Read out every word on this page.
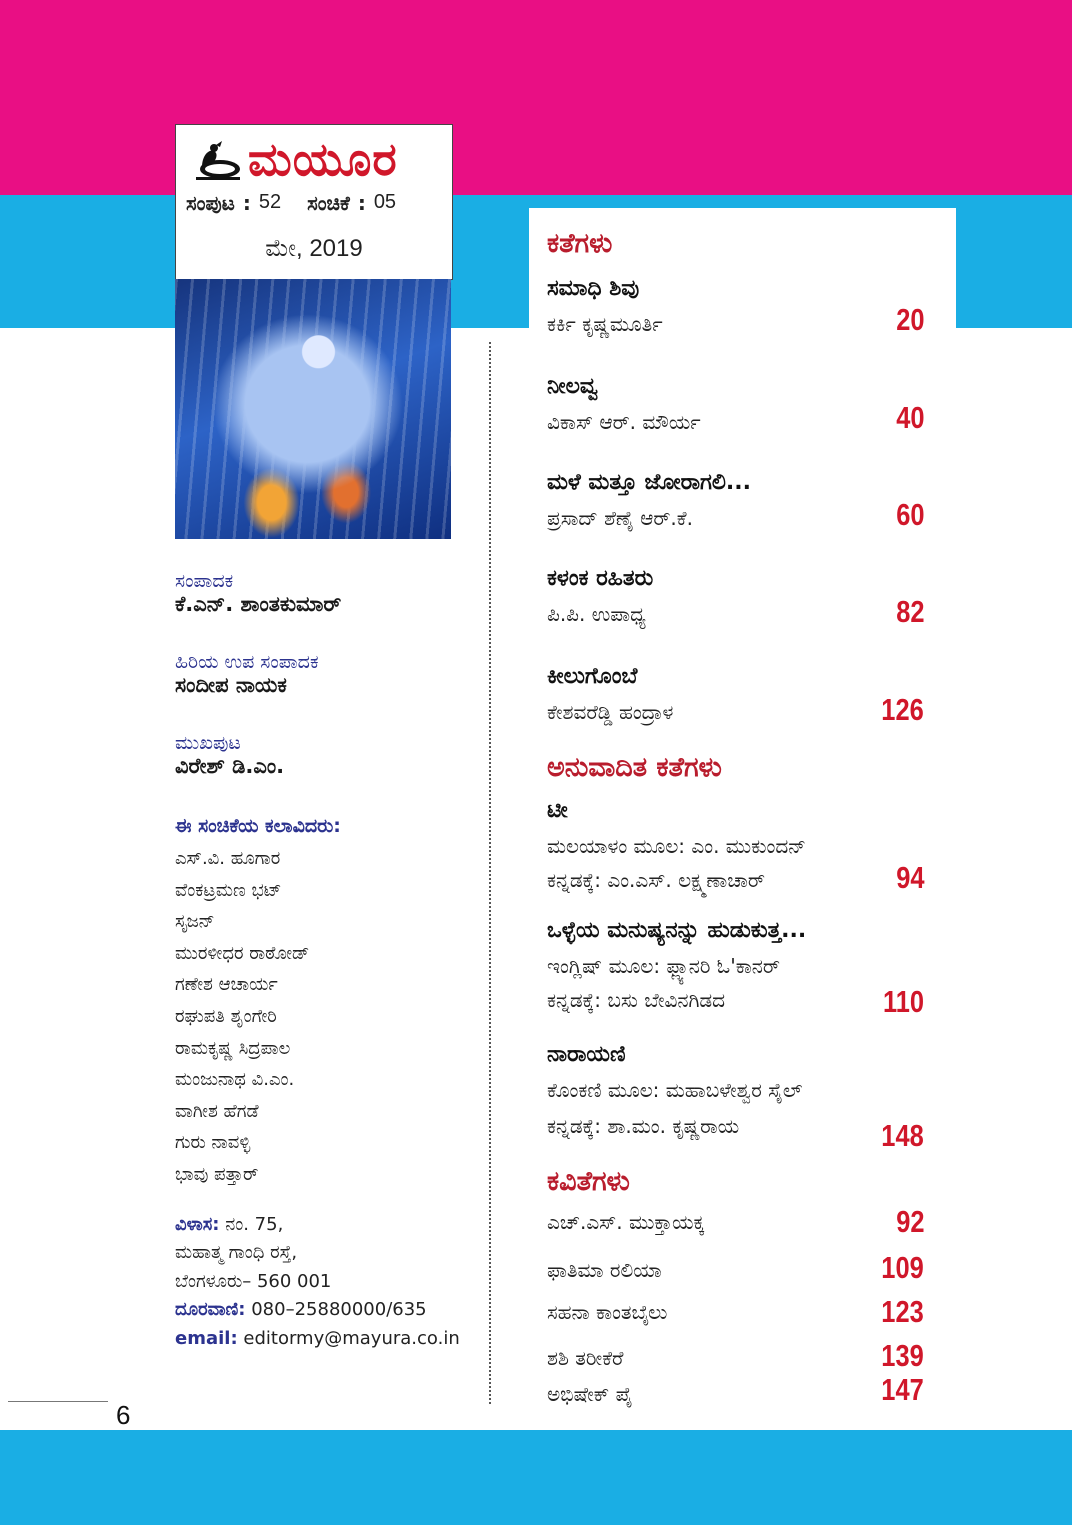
ಮಯೂರ
ಸಂಪುಟ : 52 ಸಂಚಿಕೆ : 05
ಮೇ, 2019
ಸಂಪಾದಕ
ಕೆ.ಎನ್. ಶಾಂತಕುಮಾರ್
ಹಿರಿಯ ಉಪ ಸಂಪಾದಕ
ಸಂದೀಪ ನಾಯಕ
ಮುಖಪುಟ
ವಿರೇಶ್ ಡಿ.ಎಂ.
ಈ ಸಂಚಿಕೆಯ ಕಲಾವಿದರು:
ಎಸ್.ವಿ. ಹೂಗಾರ
ವೆಂಕಟ್ರಮಣ ಭಟ್
ಸೃಜನ್
ಮುರಳೀಧರ ರಾಠೋಡ್
ಗಣೇಶ ಆಚಾರ್ಯ
ರಘುಪತಿ ಶೃಂಗೇರಿ
ರಾಮಕೃಷ್ಣ ಸಿದ್ರಪಾಲ
ಮಂಜುನಾಥ ವಿ.ಎಂ.
ವಾಗೀಶ ಹೆಗಡೆ
ಗುರು ನಾವಳ್ಳಿ
ಭಾವು ಪತ್ತಾರ್
ವಿಳಾಸ: ನಂ. 75,
ಮಹಾತ್ಮ ಗಾಂಧಿ ರಸ್ತೆ,
ಬೆಂಗಳೂರು– 560 001
ದೂರವಾಣಿ: 080–25880000/635
email: editormy@mayura.co.in
ಕತೆಗಳು
ಸಮಾಧಿ ಶಿವು
ಕರ್ಕಿ ಕೃಷ್ಣಮೂರ್ತಿ	20
ನೀಲವ್ವ
ವಿಕಾಸ್ ಆರ್. ಮೌರ್ಯ	40
ಮಳೆ ಮತ್ತೂ ಜೋರಾಗಲಿ...
ಪ್ರಸಾದ್ ಶೆಣೈ ಆರ್.ಕೆ.	60
ಕಳಂಕ ರಹಿತರು
ಪಿ.ಪಿ. ಉಪಾಧ್ಯ	82
ಕೀಲುಗೊಂಬೆ
ಕೇಶವರೆಡ್ಡಿ ಹಂದ್ರಾಳ	126
ಅನುವಾದಿತ ಕತೆಗಳು
ಟೀ
ಮಲಯಾಳಂ ಮೂಲ: ಎಂ. ಮುಕುಂದನ್
ಕನ್ನಡಕ್ಕೆ: ಎಂ.ಎಸ್. ಲಕ್ಷ್ಮಣಾಚಾರ್	94
ಒಳ್ಳೆಯ ಮನುಷ್ಯನನ್ನು ಹುಡುಕುತ್ತ...
ಇಂಗ್ಲಿಷ್ ಮೂಲ: ಫ್ಲ್ಯಾನರಿ ಓ'ಕಾನರ್
ಕನ್ನಡಕ್ಕೆ: ಬಸು ಬೇವಿನಗಿಡದ	110
ನಾರಾಯಣಿ
ಕೊಂಕಣಿ ಮೂಲ: ಮಹಾಬಳೇಶ್ವರ ಸೈಲ್
ಕನ್ನಡಕ್ಕೆ: ಶಾ.ಮಂ. ಕೃಷ್ಣರಾಯ	148
ಕವಿತೆಗಳು
ಎಚ್.ಎಸ್. ಮುಕ್ತಾಯಕ್ಕ	92
ಫಾತಿಮಾ ರಲಿಯಾ	109
ಸಹನಾ ಕಾಂತಬೈಲು	123
ಶಶಿ ತರೀಕೆರೆ	139
ಅಭಿಷೇಕ್ ಪೈ	147
6
